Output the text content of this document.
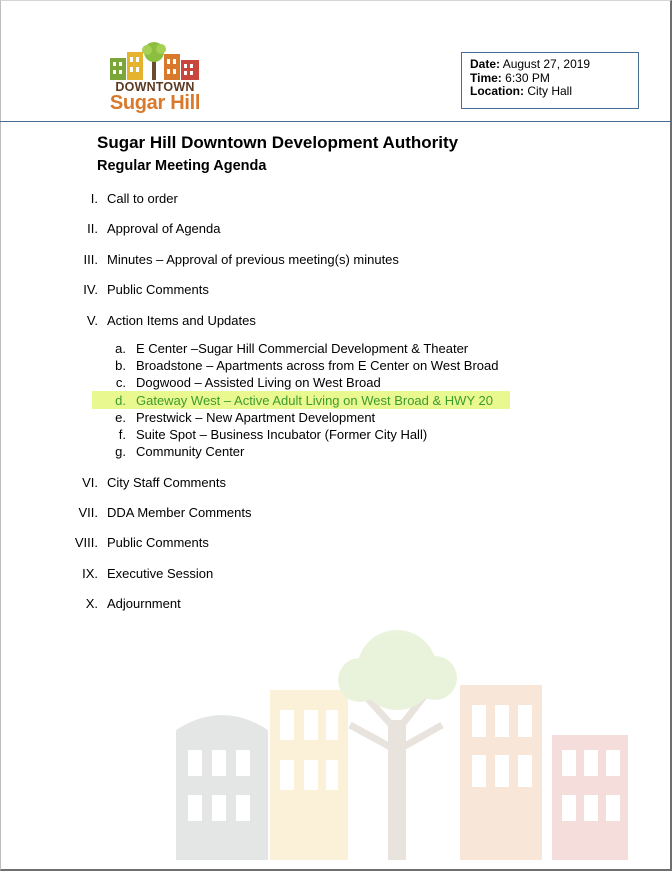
DOWNTOWN
Sugar Hill
Date: August 27, 2019
Time: 6:30 PM
Location: City Hall
Sugar Hill Downtown Development Authority
Regular Meeting Agenda
I. Call to order
II. Approval of Agenda
III. Minutes – Approval of previous meeting(s) minutes
IV. Public Comments
V. Action Items and Updates
a. E Center –Sugar Hill Commercial Development & Theater
b. Broadstone – Apartments across from E Center on West Broad
c. Dogwood – Assisted Living on West Broad
d. Gateway West – Active Adult Living on West Broad & HWY 20
e. Prestwick – New Apartment Development
f. Suite Spot – Business Incubator (Former City Hall)
g. Community Center
VI. City Staff Comments
VII. DDA Member Comments
VIII. Public Comments
IX. Executive Session
X. Adjournment
